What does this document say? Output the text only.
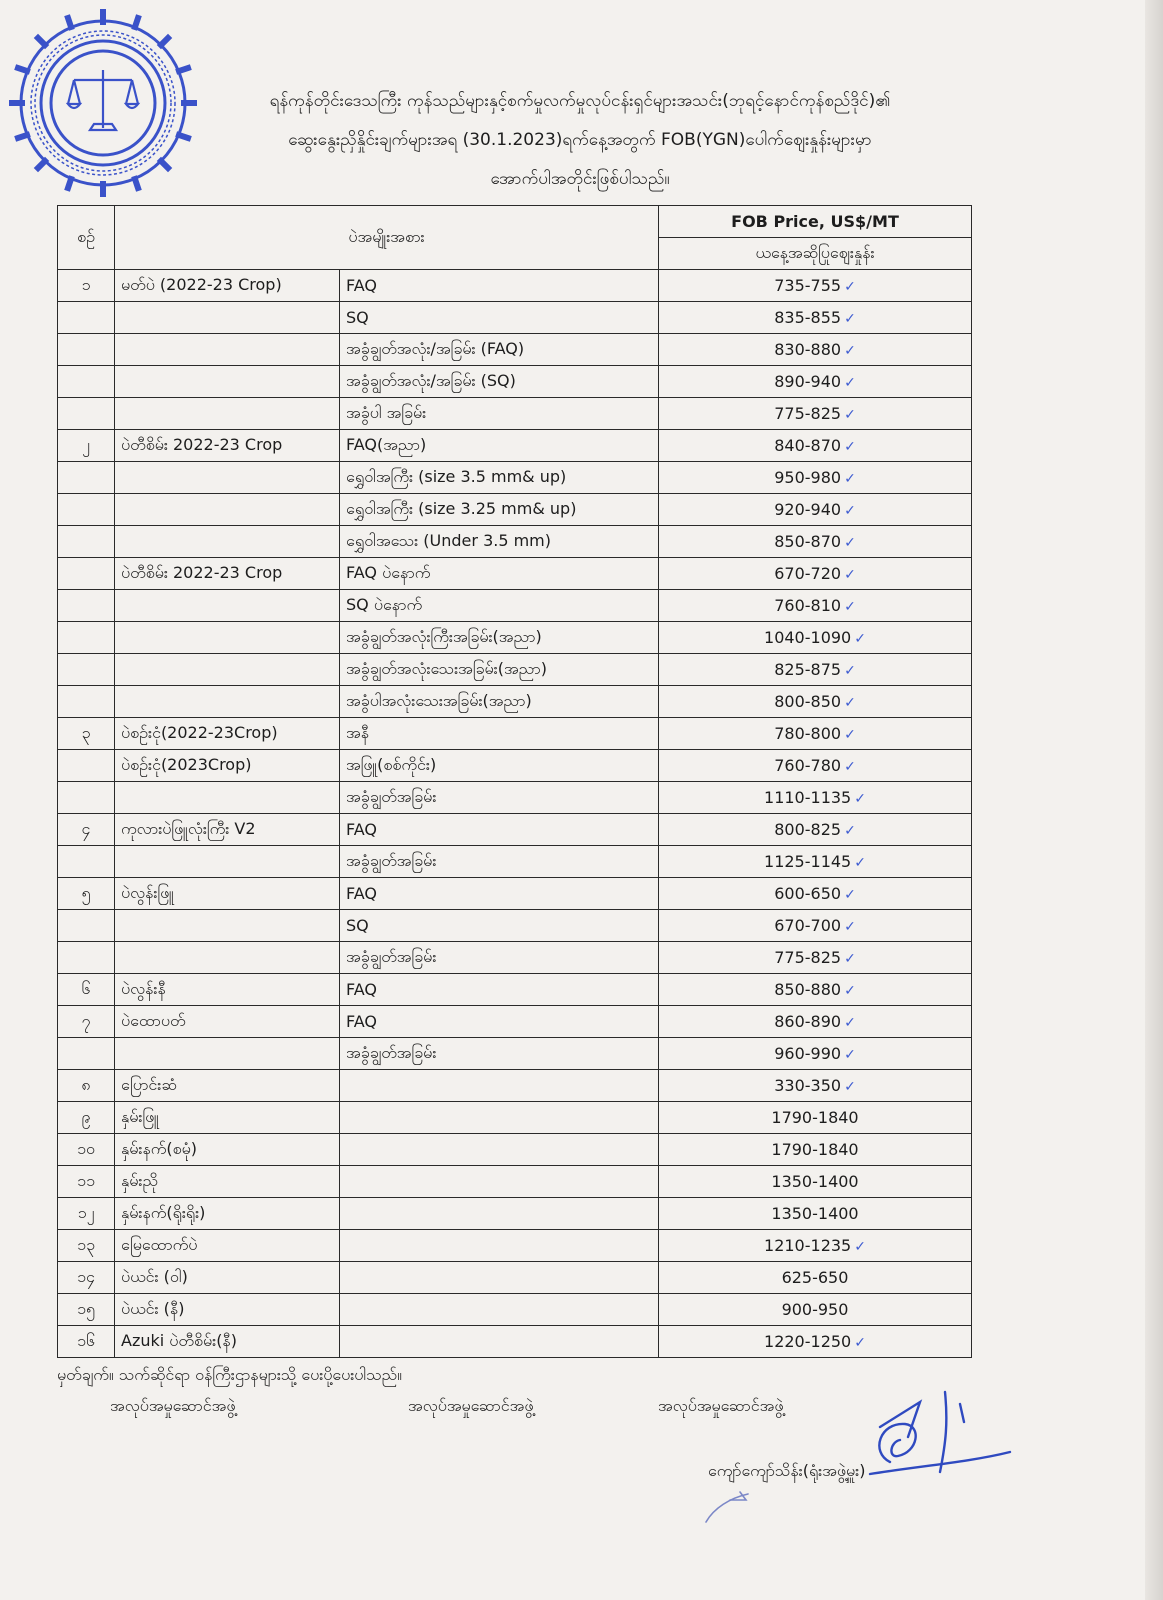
ရန်ကုန်တိုင်းဒေသကြီး ကုန်သည်များနှင့်စက်မှုလက်မှုလုပ်ငန်းရှင်များအသင်း(ဘုရင့်နောင်ကုန်စည်ဒိုင်)၏
ဆွေးနွေးညှိနှိုင်းချက်များအရ (30.1.2023)ရက်နေ့အတွက် FOB(YGN)ပေါက်ဈေးနှုန်းများမှာ
အောက်ပါအတိုင်းဖြစ်ပါသည်။
စဉ်	ပဲအမျိုးအစား		FOB Price, US$/MT
			ယနေ့အဆိုပြုဈေးနှုန်း
၁	မတ်ပဲ (2022-23 Crop)	FAQ	735-755 ✓
		SQ	835-855 ✓
		အခွံချွတ်အလုံး/အခြမ်း (FAQ)	830-880 ✓
		အခွံချွတ်အလုံး/အခြမ်း (SQ)	890-940 ✓
		အခွံပါ အခြမ်း	775-825 ✓
၂	ပဲတီစိမ်း 2022-23 Crop	FAQ(အညာ)	840-870 ✓
		ရွှေဝါအကြီး (size 3.5 mm& up)	950-980 ✓
		ရွှေဝါအကြီး (size 3.25 mm& up)	920-940 ✓
		ရွှေဝါအသေး (Under 3.5 mm)	850-870 ✓
	ပဲတီစိမ်း 2022-23 Crop	FAQ ပဲနောက်	670-720 ✓
		SQ ပဲနောက်	760-810 ✓
		အခွံချွတ်အလုံးကြီးအခြမ်း(အညာ)	1040-1090 ✓
		အခွံချွတ်အလုံးသေးအခြမ်း(အညာ)	825-875 ✓
		အခွံပါအလုံးသေးအခြမ်း(အညာ)	800-850 ✓
၃	ပဲစဉ်းငုံ(2022-23Crop)	အနီ	780-800 ✓
	ပဲစဉ်းငုံ(2023Crop)	အဖြူ(စစ်ကိုင်း)	760-780 ✓
		အခွံချွတ်အခြမ်း	1110-1135 ✓
၄	ကုလားပဲဖြူလုံးကြီး V2	FAQ	800-825 ✓
		အခွံချွတ်အခြမ်း	1125-1145 ✓
၅	ပဲလွန်းဖြူ	FAQ	600-650 ✓
		SQ	670-700 ✓
		အခွံချွတ်အခြမ်း	775-825 ✓
၆	ပဲလွန်းနီ	FAQ	850-880 ✓
၇	ပဲထောပတ်	FAQ	860-890 ✓
		အခွံချွတ်အခြမ်း	960-990 ✓
၈	ပြောင်းဆံ		330-350 ✓
၉	နှမ်းဖြူ		1790-1840
၁၀	နှမ်းနက်(စမုံ)		1790-1840
၁၁	နှမ်းညို		1350-1400
၁၂	နှမ်းနက်(ရိုးရိုး)		1350-1400
၁၃	မြေထောက်ပဲ		1210-1235 ✓
၁၄	ပဲယင်း (ဝါ)		625-650
၁၅	ပဲယင်း (နီ)		900-950
၁၆	Azuki ပဲတီစိမ်း(နီ)		1220-1250 ✓
မှတ်ချက်။ သက်ဆိုင်ရာ ဝန်ကြီးဌာနများသို့ ပေးပို့ပေးပါသည်။
အလုပ်အမှုဆောင်အဖွဲ့	အလုပ်အမှုဆောင်အဖွဲ့	အလုပ်အမှုဆောင်အဖွဲ့
ကျော်ကျော်သိန်း(ရုံးအဖွဲ့မှူး)
